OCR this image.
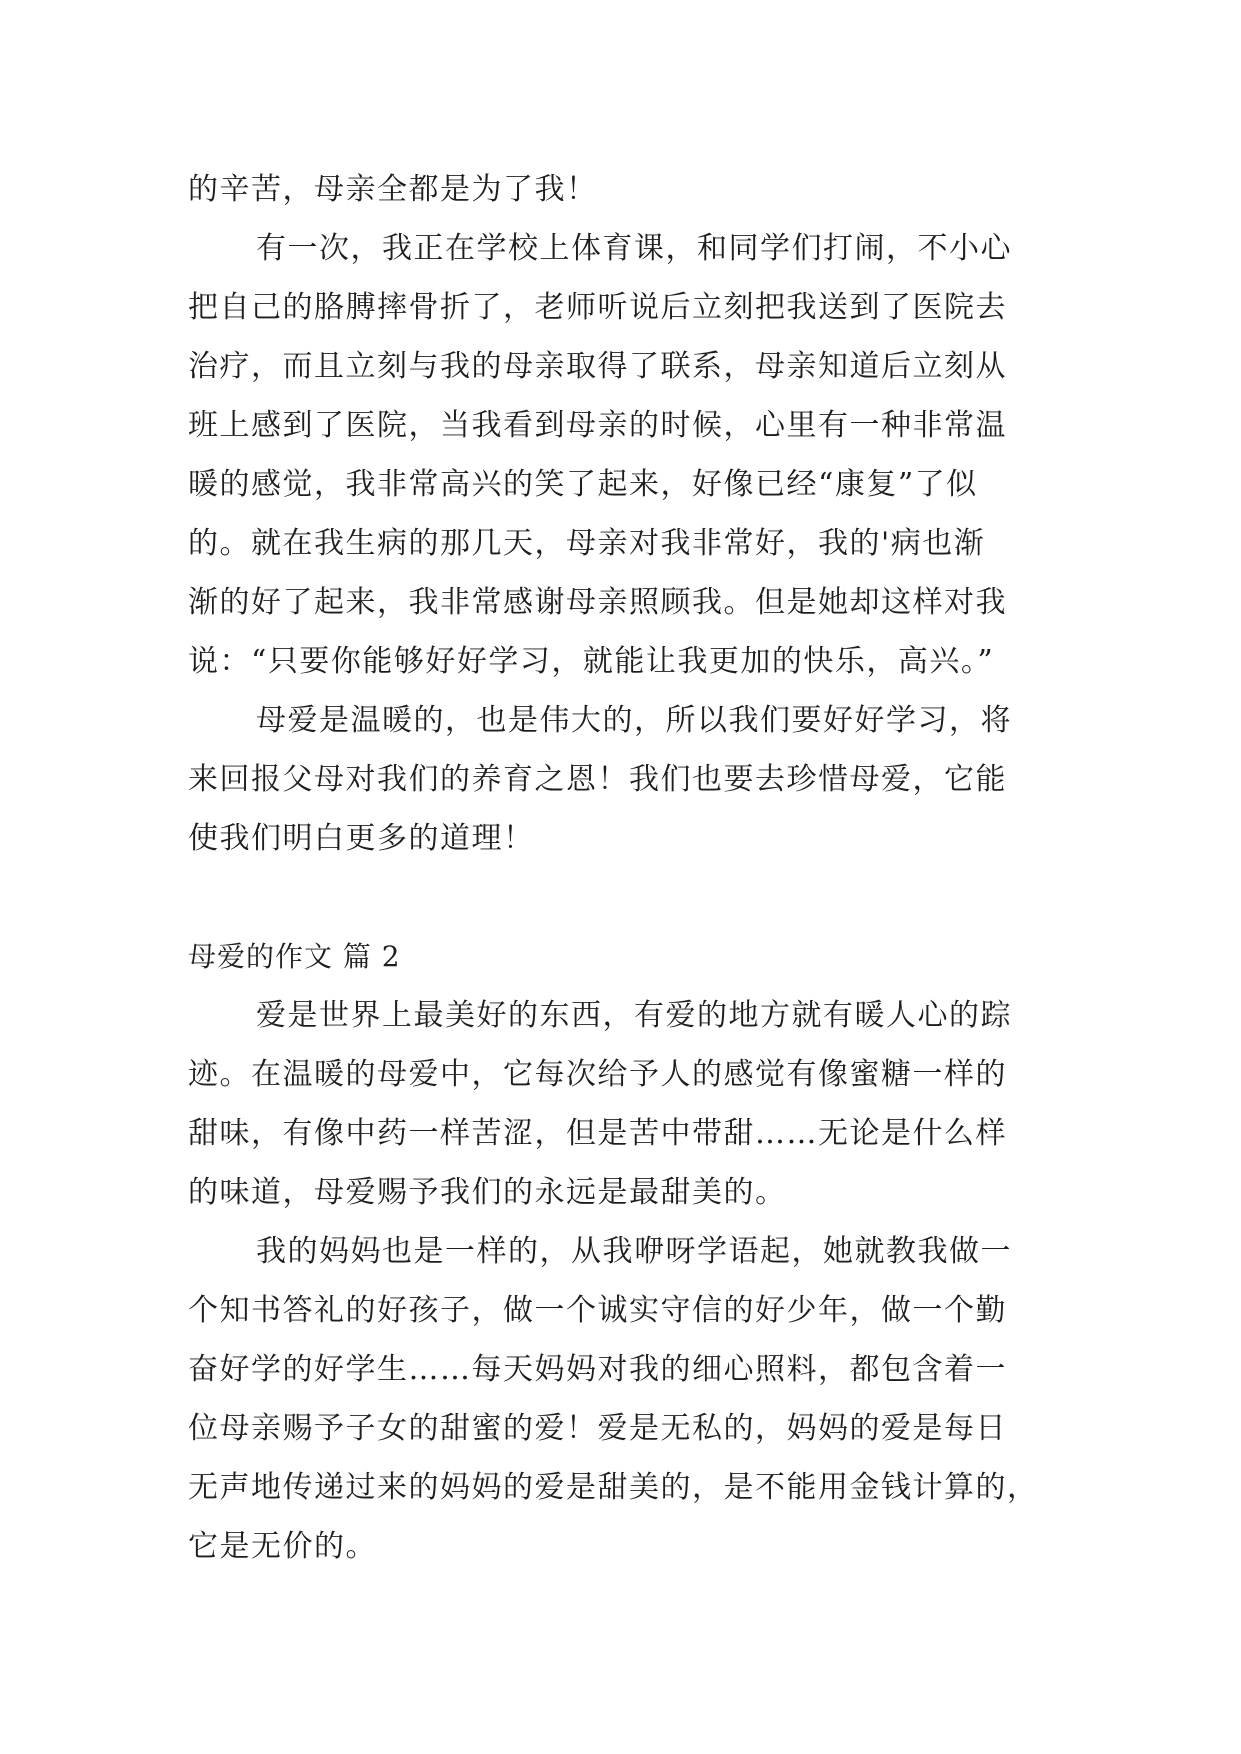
的辛苦，母亲全都是为了我！
有一次，我正在学校上体育课，和同学们打闹，不小心
把自己的胳膊摔骨折了，老师听说后立刻把我送到了医院去
治疗，而且立刻与我的母亲取得了联系，母亲知道后立刻从
班上感到了医院，当我看到母亲的时候，心里有一种非常温
暖的感觉，我非常高兴的笑了起来，好像已经“康复”了似
的。就在我生病的那几天，母亲对我非常好，我的'病也渐
渐的好了起来，我非常感谢母亲照顾我。但是她却这样对我
说：“只要你能够好好学习，就能让我更加的快乐，高兴。”
母爱是温暖的，也是伟大的，所以我们要好好学习，将
来回报父母对我们的养育之恩！我们也要去珍惜母爱，它能
使我们明白更多的道理！
母爱的作文 篇 2
爱是世界上最美好的东西，有爱的地方就有暖人心的踪
迹。在温暖的母爱中，它每次给予人的感觉有像蜜糖一样的
甜味，有像中药一样苦涩，但是苦中带甜……无论是什么样
的味道，母爱赐予我们的永远是最甜美的。
我的妈妈也是一样的，从我咿呀学语起，她就教我做一
个知书答礼的好孩子，做一个诚实守信的好少年，做一个勤
奋好学的好学生……每天妈妈对我的细心照料，都包含着一
位母亲赐予子女的甜蜜的爱！爱是无私的，妈妈的爱是每日
无声地传递过来的妈妈的爱是甜美的，是不能用金钱计算的，
它是无价的。
